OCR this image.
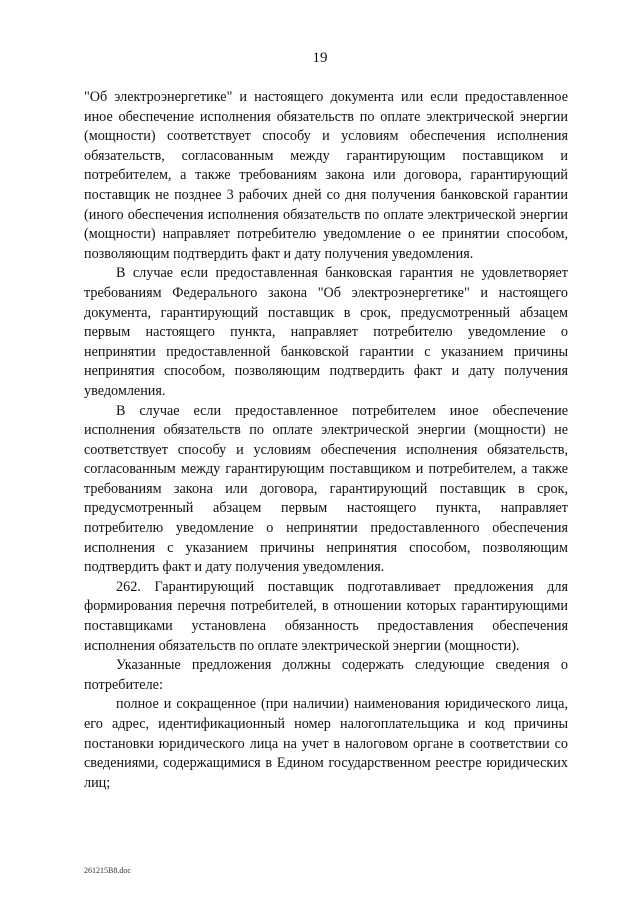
19

"Об электроэнергетике" и настоящего документа или если предоставленное иное обеспечение исполнения обязательств по оплате электрической энергии (мощности) соответствует способу и условиям обеспечения исполнения обязательств, согласованным между гарантирующим поставщиком и потребителем, а также требованиям закона или договора, гарантирующий поставщик не позднее 3 рабочих дней со дня получения банковской гарантии (иного обеспечения исполнения обязательств по оплате электрической энергии (мощности) направляет потребителю уведомление о ее принятии способом, позволяющим подтвердить факт и дату получения уведомления.

В случае если предоставленная банковская гарантия не удовлетворяет требованиям Федерального закона "Об электроэнергетике" и настоящего документа, гарантирующий поставщик в срок, предусмотренный абзацем первым настоящего пункта, направляет потребителю уведомление о непринятии предоставленной банковской гарантии с указанием причины непринятия способом, позволяющим подтвердить факт и дату получения уведомления.

В случае если предоставленное потребителем иное обеспечение исполнения обязательств по оплате электрической энергии (мощности) не соответствует способу и условиям обеспечения исполнения обязательств, согласованным между гарантирующим поставщиком и потребителем, а также требованиям закона или договора, гарантирующий поставщик в срок, предусмотренный абзацем первым настоящего пункта, направляет потребителю уведомление о непринятии предоставленного обеспечения исполнения с указанием причины непринятия способом, позволяющим подтвердить факт и дату получения уведомления.

262. Гарантирующий поставщик подготавливает предложения для формирования перечня потребителей, в отношении которых гарантирующими поставщиками установлена обязанность предоставления обеспечения исполнения обязательств по оплате электрической энергии (мощности).

Указанные предложения должны содержать следующие сведения о потребителе:

полное и сокращенное (при наличии) наименования юридического лица, его адрес, идентификационный номер налогоплательщика и код причины постановки юридического лица на учет в налоговом органе в соответствии со сведениями, содержащимися в Едином государственном реестре юридических лиц;

261215B8.doc
